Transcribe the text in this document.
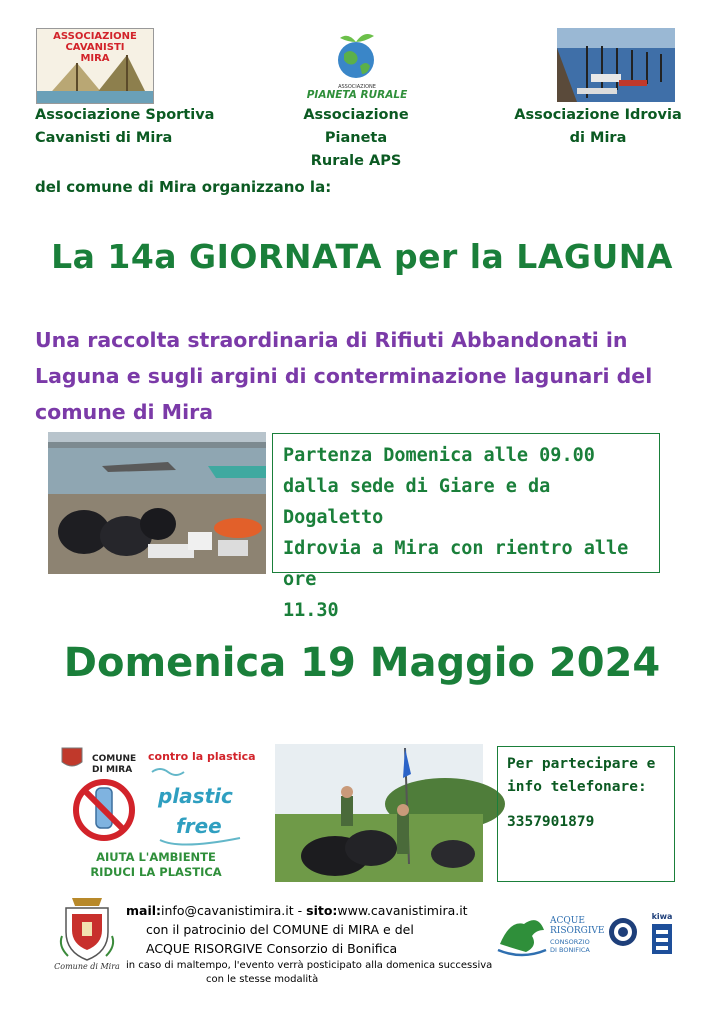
ASSOCIAZIONE
CAVANISTI
MIRA
ASSOCIAZIONE
PIANETA RURALE
Associazione Sportiva
Cavanisti di Mira
Associazione Pianeta
Rurale APS
Associazione Idrovia
di Mira
del comune di Mira organizzano la:
La 14a GIORNATA per la LAGUNA
Una raccolta straordinaria di Rifiuti Abbandonati in
Laguna e sugli argini di conterminazione lagunari del
comune di Mira

Partenza Domenica alle 09.00

dalla sede di Giare e da Dogaletto

Idrovia a Mira con rientro alle ore

11.30

Domenica 19 Maggio 2024
COMUNE
DI MIRA
contro la plastica
plastic
free
AIUTA L'AMBIENTE
RIDUCI LA PLASTICA
Per partecipare e
info telefonare:
3357901879
Comune di Mira
mail:info@cavanistimira.it - sito:www.cavanistimira.it
con il patrocinio del COMUNE di MIRA e del
ACQUE RISORGIVE Consorzio di Bonifica
in caso di maltempo, l'evento verrà posticipato alla domenica successiva
con le stesse modalità
ACQUE
RISORGIVE
CONSORZIO
DI BONIFICA
kiwa
